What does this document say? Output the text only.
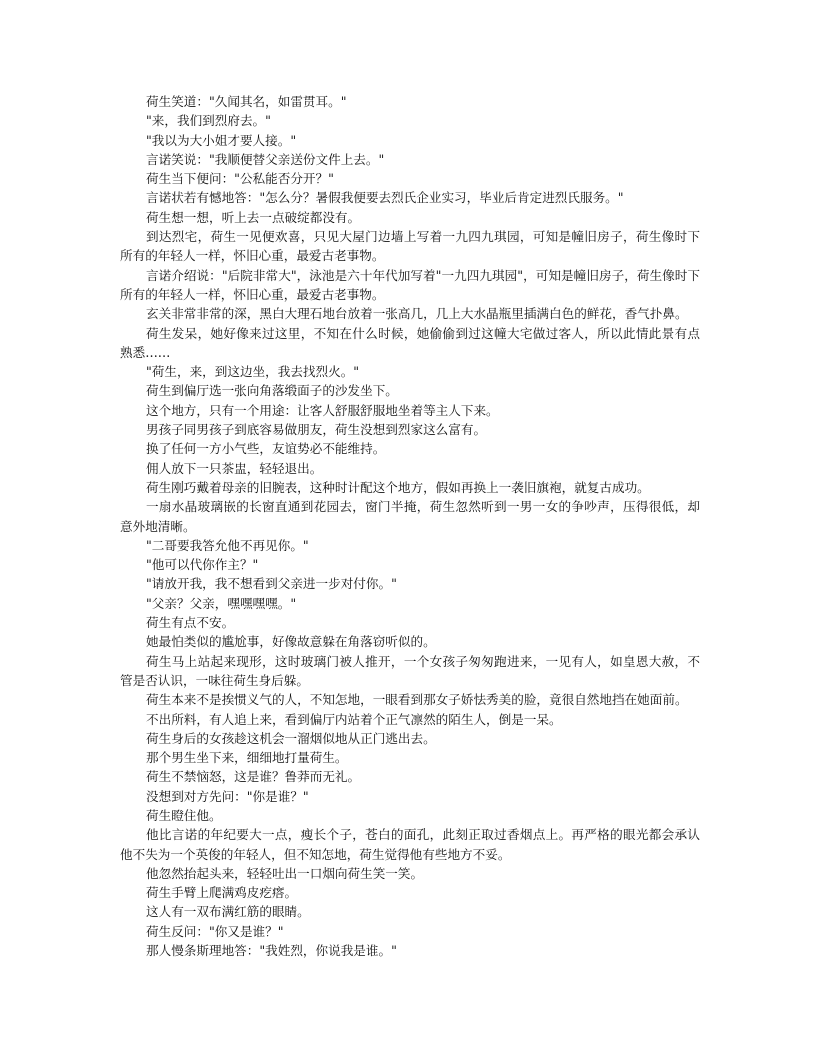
荷生笑道："久闻其名，如雷贯耳。"

"来，我们到烈府去。"

"我以为大小姐才要人接。"

言诺笑说："我顺便替父亲送份文件上去。"

荷生当下便问："公私能否分开？"

言诺状若有憾地答："怎么分？暑假我便要去烈氏企业实习，毕业后肯定进烈氏服务。"

荷生想一想，听上去一点破绽都没有。

到达烈宅，荷生一见便欢喜，只见大屋门边墙上写着一九四九琪园，可知是幢旧房子，荷生像时下所有的年轻人一样，怀旧心重，最爱古老事物。

言诺介绍说："后院非常大"，泳池是六十年代加写着"一九四九琪园"，可知是幢旧房子，荷生像时下所有的年轻人一样，怀旧心重，最爱古老事物。

玄关非常非常的深，黑白大理石地台放着一张高几，几上大水晶瓶里插满白色的鲜花，香气扑鼻。

荷生发呆，她好像来过这里，不知在什么时候，她偷偷到过这幢大宅做过客人，所以此情此景有点熟悉……

"荷生，来，到这边坐，我去找烈火。"

荷生到偏厅选一张向角落缎面子的沙发坐下。

这个地方，只有一个用途：让客人舒服舒服地坐着等主人下来。

男孩子同男孩子到底容易做朋友，荷生没想到烈家这么富有。

换了任何一方小气些，友谊势必不能维持。

佣人放下一只茶盅，轻轻退出。

荷生刚巧戴着母亲的旧腕表，这种时计配这个地方，假如再换上一袭旧旗袍，就复古成功。

一扇水晶玻璃嵌的长窗直通到花园去，窗门半掩，荷生忽然听到一男一女的争吵声，压得很低，却意外地清晰。

"二哥要我答允他不再见你。"

"他可以代你作主？"

"请放开我，我不想看到父亲进一步对付你。"

"父亲？父亲，嘿嘿嘿嘿。"

荷生有点不安。

她最怕类似的尴尬事，好像故意躲在角落窃听似的。

荷生马上站起来现形，这时玻璃门被人推开，一个女孩子匆匆跑进来，一见有人，如皇恩大赦，不管是否认识，一味往荷生身后躲。

荷生本来不是挨惯义气的人，不知怎地，一眼看到那女子娇怯秀美的脸，竟很自然地挡在她面前。

不出所料，有人追上来，看到偏厅内站着个正气凛然的陌生人，倒是一呆。

荷生身后的女孩趁这机会一溜烟似地从正门逃出去。

那个男生坐下来，细细地打量荷生。

荷生不禁恼怒，这是谁？鲁莽而无礼。

没想到对方先问："你是谁？"

荷生瞪住他。

他比言诺的年纪要大一点，瘦长个子，苍白的面孔，此刻正取过香烟点上。再严格的眼光都会承认他不失为一个英俊的年轻人，但不知怎地，荷生觉得他有些地方不妥。

他忽然抬起头来，轻轻吐出一口烟向荷生笑一笑。

荷生手臂上爬满鸡皮疙瘩。

这人有一双布满红筋的眼睛。

荷生反问："你又是谁？"

那人慢条斯理地答："我姓烈，你说我是谁。"
